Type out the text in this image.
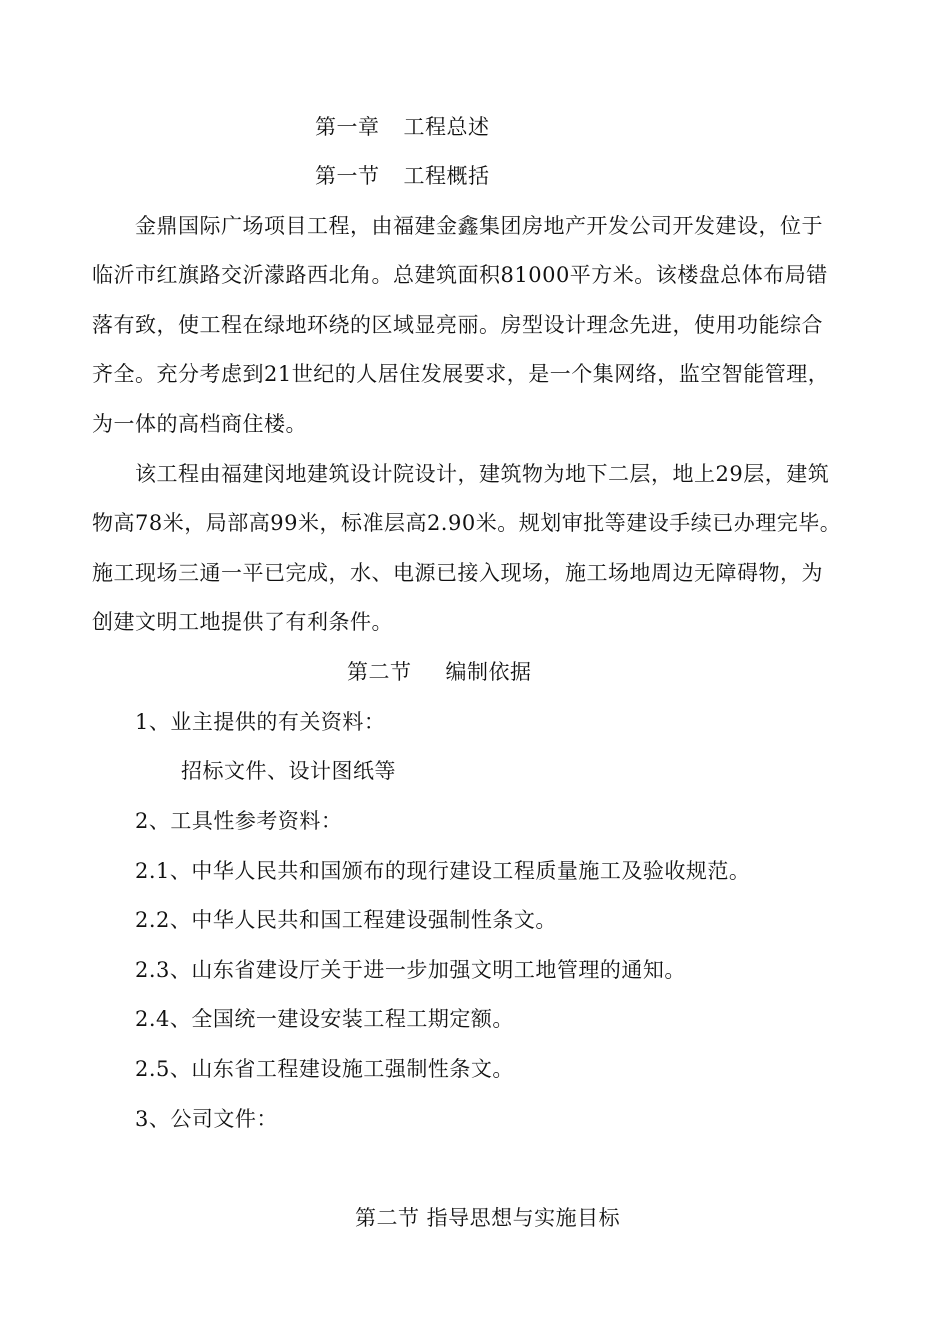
第一章 工程总述
第一节 工程概括
金鼎国际广场项目工程，由福建金鑫集团房地产开发公司开发建设，位于
临沂市红旗路交沂濛路西北角。总建筑面积81000平方米。该楼盘总体布局错
落有致，使工程在绿地环绕的区域显亮丽。房型设计理念先进，使用功能综合
齐全。充分考虑到21世纪的人居住发展要求，是一个集网络，监空智能管理，
为一体的高档商住楼。
该工程由福建闵地建筑设计院设计，建筑物为地下二层，地上29层，建筑
物高78米，局部高99米，标准层高2.90米。规划审批等建设手续已办理完毕。
施工现场三通一平已完成，水、电源已接入现场，施工场地周边无障碍物，为
创建文明工地提供了有利条件。
第二节 编制依据
1、业主提供的有关资料：
招标文件、设计图纸等
2、工具性参考资料：
2.1、中华人民共和国颁布的现行建设工程质量施工及验收规范。
2.2、中华人民共和国工程建设强制性条文。
2.3、山东省建设厅关于进一步加强文明工地管理的通知。
2.4、全国统一建设安装工程工期定额。
2.5、山东省工程建设施工强制性条文。
3、公司文件：
第二节 指导思想与实施目标
